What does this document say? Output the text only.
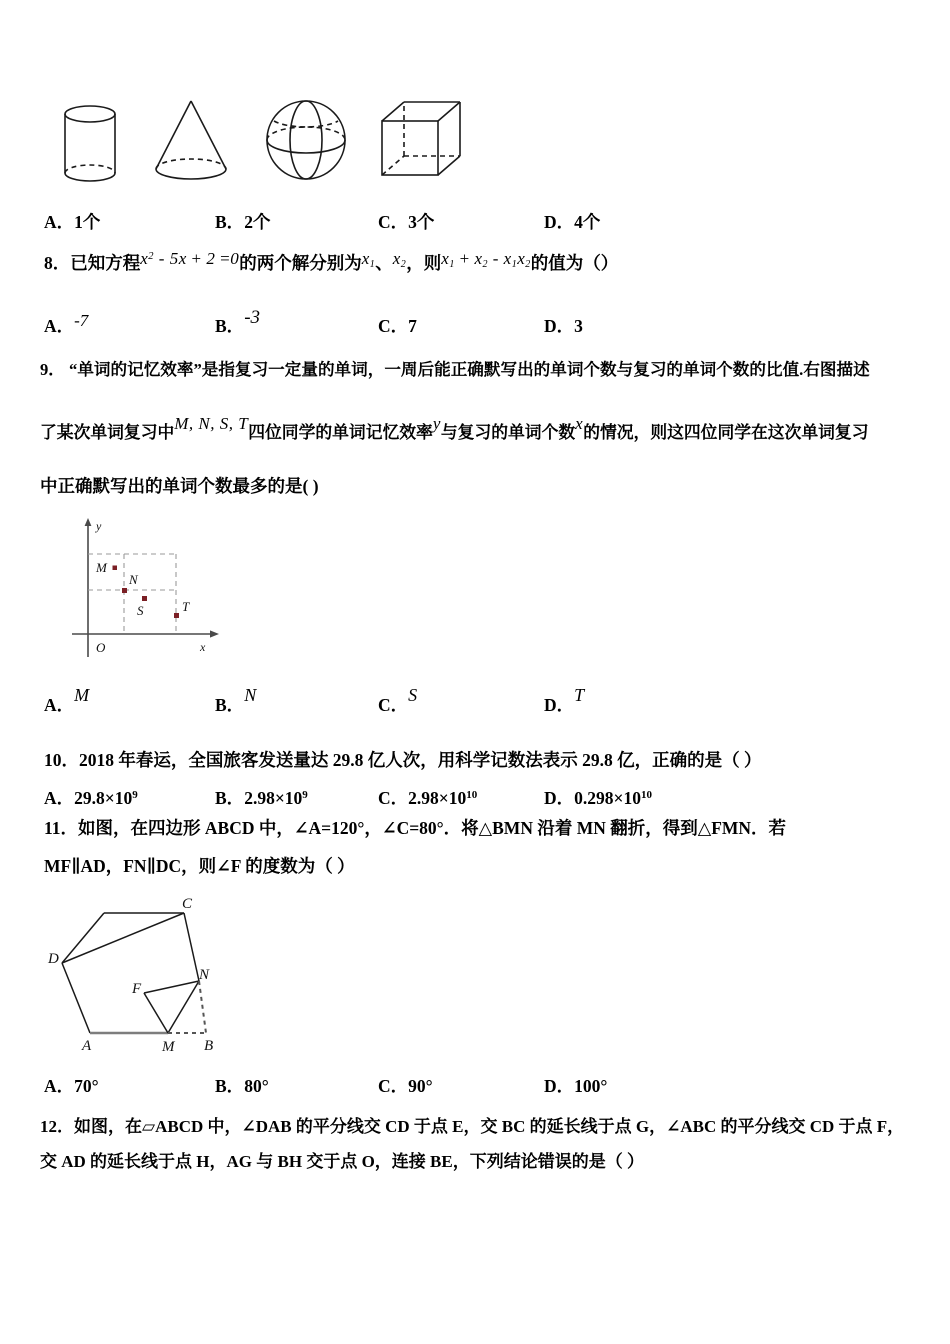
A．1个	B．2个	C．3个	D．4个
8．已知方程$x^2 - 5x + 2 =0$的两个解分别为$x_1$、$x_2$，则$x_1 + x_2 - x_1x_2$的值为（）
A．-7	B．-3	C．7	D．3
9． “单词的记忆效率”是指复习一定量的单词，一周后能正确默写出的单词个数与复习的单词个数的比值.右图描述
了某次单词复习中M, N, S, T四位同学的单词记忆效率y与复习的单词个数x的情况，则这四位同学在这次单词复习
中正确默写出的单词个数最多的是( )
M
N
S	T
O	x
y
A．M	B．N	C．S	D．T
10．2018 年春运，全国旅客发送量达 29.8 亿人次，用科学记数法表示 29.8 亿，正确的是（ ）
A．$29.8\times 10^9$	B．$2.98\times 10^9$	C．$2.98\times 10^{10}$	D．$0.298\times 10^{10}$
11．如图，在四边形 ABCD 中，∠A=120°，∠C=80°．将△BMN 沿着 MN 翻折，得到△FMN．若
MF∥AD，FN∥DC，则∠F 的度数为（ ）
C
D
N
F
A	M B
A．70°	B．80°	C．90°	D．100°
12．如图，在▱ABCD 中，∠DAB 的平分线交 CD 于点 E，交 BC 的延长线于点 G，∠ABC 的平分线交 CD 于点 F，
交 AD 的延长线于点 H，AG 与 BH 交于点 O，连接 BE，下列结论错误的是（ ）
